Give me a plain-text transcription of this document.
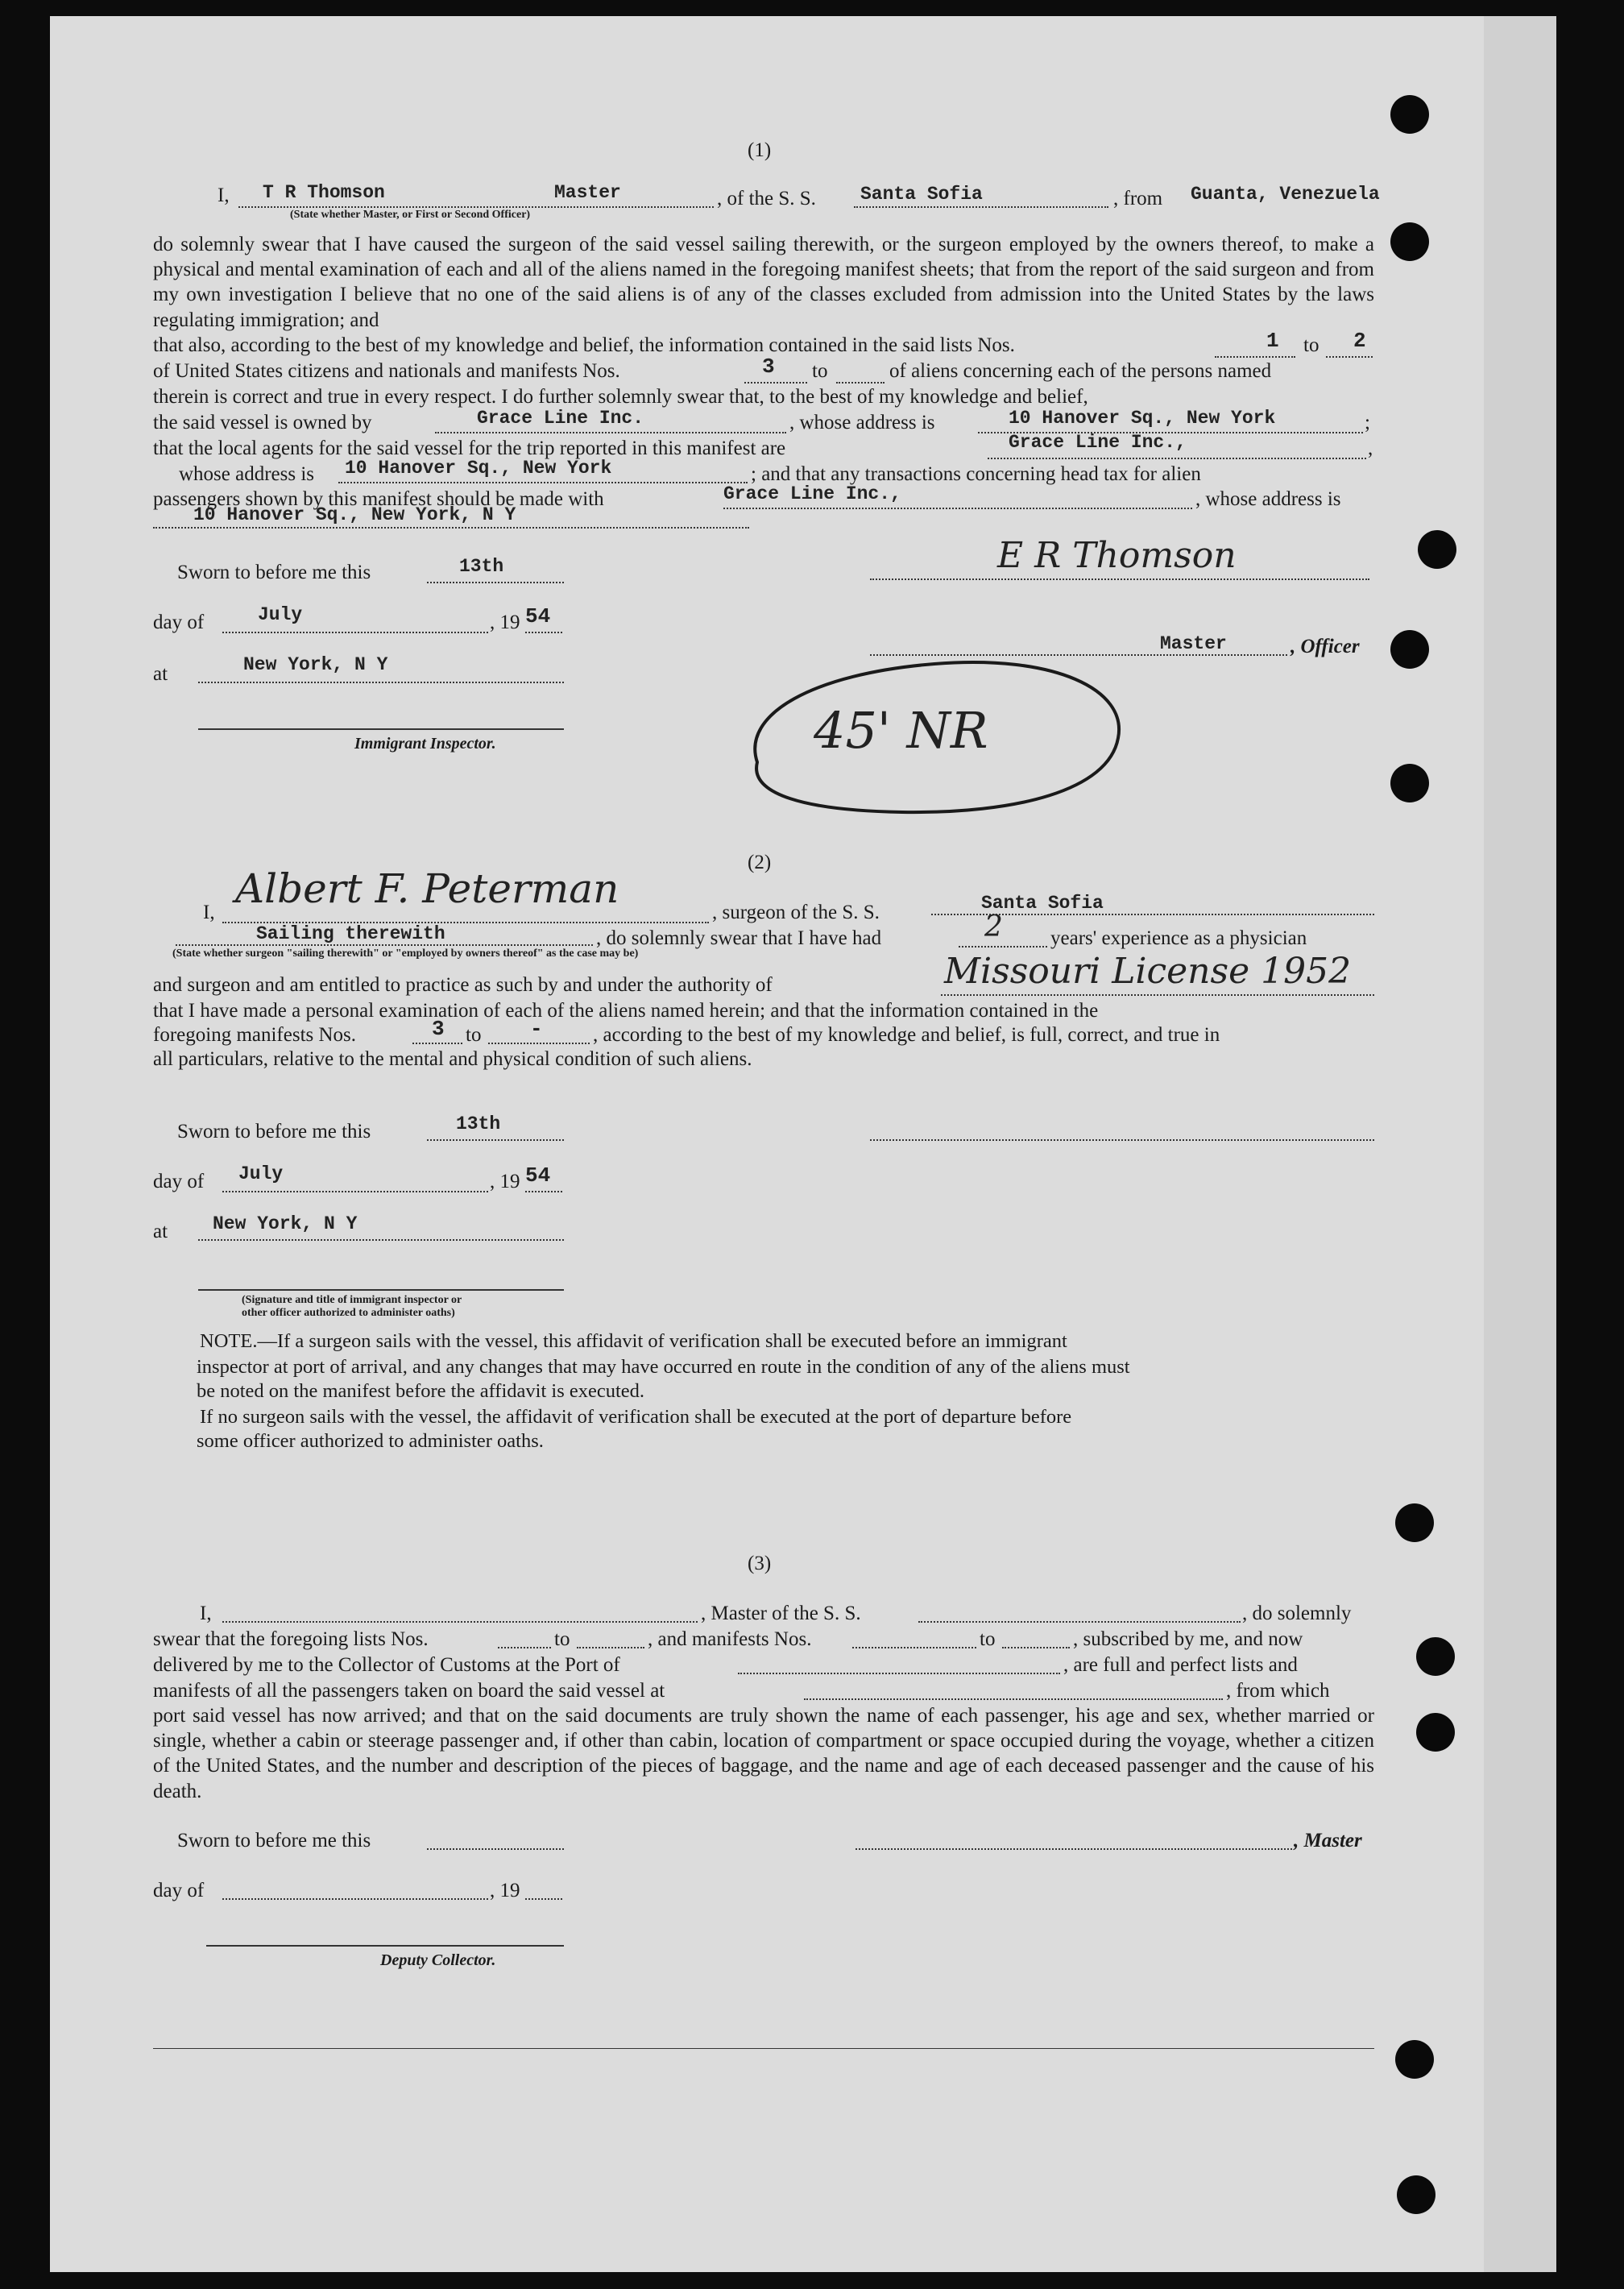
(1)
I, T R Thomson	Master
(State whether Master, or First or Second Officer)
, of the S. S. Santa Sofia	, from Guanta, Venezuela
do solemnly swear that I have caused the surgeon of the said vessel sailing therewith, or the surgeon employed by the owners thereof, to make a physical and mental examination of each and all of the aliens named in the foregoing manifest sheets; that from the report of the said surgeon and from my own investigation I believe that no one of the said aliens is of any of the classes excluded from admission into the United States by the laws regulating immigration; and
that also, according to the best of my knowledge and belief, the information contained in the said lists Nos.	1 to 2
of United States citizens and nationals and manifests Nos.	3 to	of aliens concerning each of the persons named
therein is correct and true in every respect. I do further solemnly swear that, to the best of my knowledge and belief,
the said vessel is owned by	Grace Line Inc.	, whose address is	10 Hanover Sq., New York	;
that the local agents for the said vessel for the trip reported in this manifest are	Grace Line Inc.,	,
whose address is 10 Hanover Sq., New York	; and that any transactions concerning head tax for alien
passengers shown by this manifest should be made with	Grace Line Inc.,	, whose address is
10 Hanover Sq., New York, N Y
Sworn to before me this	13th	E R Thomson
day of	July	, 19 54
Master	, Officer
at	New York, N Y
Immigrant Inspector.	45' NR
(2)
I,
Albert F. Peterman
, surgeon of the S. S.	Santa Sofia
Sailing therewith
(State whether surgeon "sailing therewith" or "employed by owners thereof" as the case may be)
, do solemnly swear that I have had	2 years' experience as a physician
and surgeon and am entitled to practice as such by and under the authority of	Missouri License 1952
that I have made a personal examination of each of the aliens named herein; and that the information contained in the
foregoing manifests Nos.	3 to - , according to the best of my knowledge and belief, is full, correct, and true in
all particulars, relative to the mental and physical condition of such aliens.
Sworn to before me this	13th
day of July	, 19 54
at New York, N Y
(Signature and title of immigrant inspector or
other officer authorized to administer oaths)
NOTE.—If a surgeon sails with the vessel, this affidavit of verification shall be executed before an immigrant
inspector at port of arrival, and any changes that may have occurred en route in the condition of any of the aliens must
be noted on the manifest before the affidavit is executed.
If no surgeon sails with the vessel, the affidavit of verification shall be executed at the port of departure before
some officer authorized to administer oaths.
(3)
I,	, Master of the S. S.	, do solemnly
swear that the foregoing lists Nos.	to	, and manifests Nos.	to	, subscribed by me, and now
delivered by me to the Collector of Customs at the Port of	, are full and perfect lists and
manifests of all the passengers taken on board the said vessel at	, from which
port said vessel has now arrived; and that on the said documents are truly shown the name of each passenger, his age and sex, whether married or single, whether a cabin or steerage passenger and, if other than cabin, location of compartment or space occupied during the voyage, whether a citizen of the United States, and the number and description of the pieces of baggage, and the name and age of each deceased passenger and the cause of his death.
Sworn to before me this	, Master
day of	, 19
Deputy Collector.
